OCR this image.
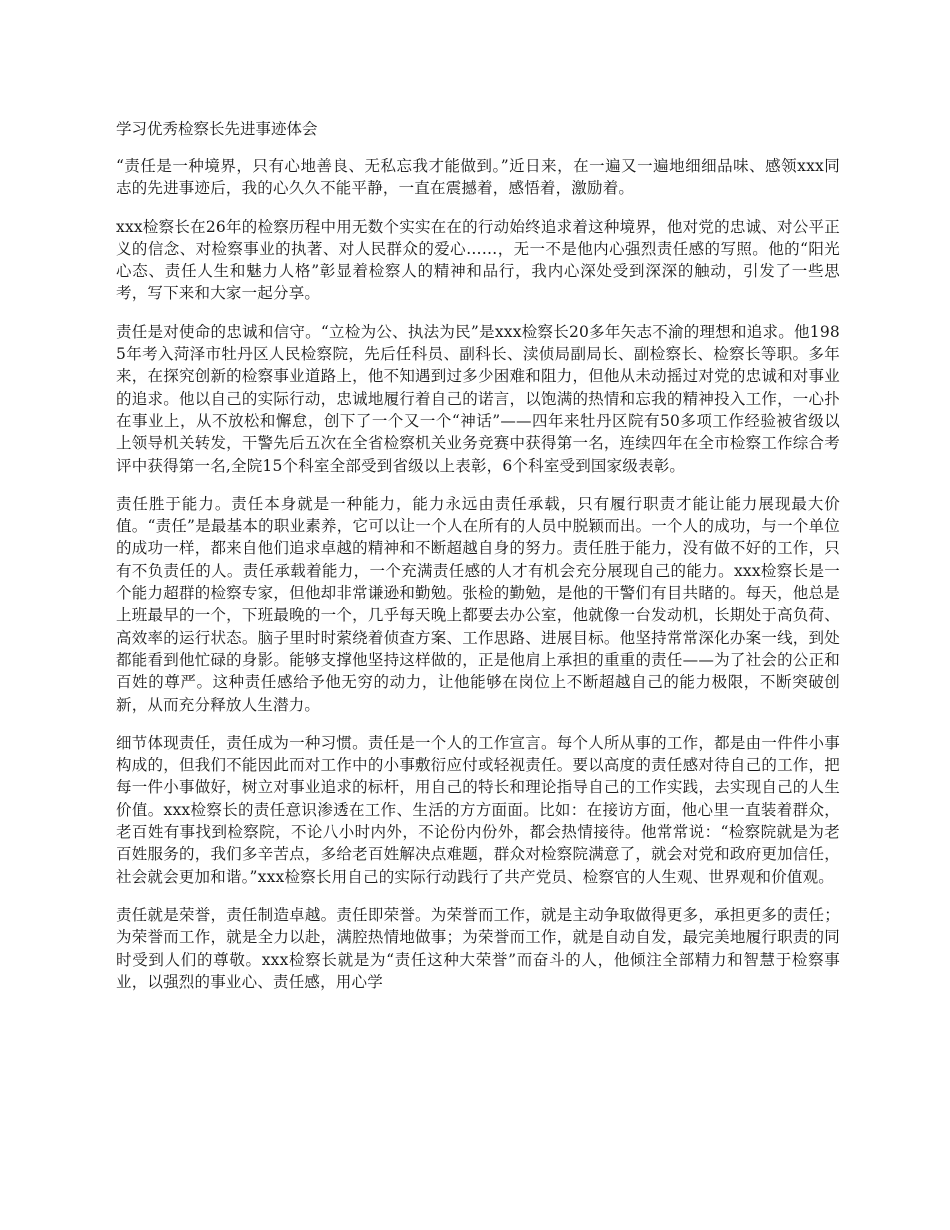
学习优秀检察长先进事迹体会

“责任是一种境界，只有心地善良、无私忘我才能做到。”近日来，在一遍又一遍地细细品味、感领xxx同志的先进事迹后，我的心久久不能平静，一直在震撼着，感悟着，激励着。

xxx检察长在26年的检察历程中用无数个实实在在的行动始终追求着这种境界，他对党的忠诚、对公平正义的信念、对检察事业的执著、对人民群众的爱心……，无一不是他内心强烈责任感的写照。他的“阳光心态、责任人生和魅力人格”彰显着检察人的精神和品行，我内心深处受到深深的触动，引发了一些思考，写下来和大家一起分享。

责任是对使命的忠诚和信守。“立检为公、执法为民”是xxx检察长20多年矢志不渝的理想和追求。他1985年考入菏泽市牡丹区人民检察院，先后任科员、副科长、渎侦局副局长、副检察长、检察长等职。多年来，在探究创新的检察事业道路上，他不知遇到过多少困难和阻力，但他从未动摇过对党的忠诚和对事业的追求。他以自己的实际行动，忠诚地履行着自己的诺言，以饱满的热情和忘我的精神投入工作，一心扑在事业上，从不放松和懈怠，创下了一个又一个“神话”——四年来牡丹区院有50多项工作经验被省级以上领导机关转发，干警先后五次在全省检察机关业务竞赛中获得第一名，连续四年在全市检察工作综合考评中获得第一名,全院15个科室全部受到省级以上表彰，6个科室受到国家级表彰。

责任胜于能力。责任本身就是一种能力，能力永远由责任承载，只有履行职责才能让能力展现最大价值。“责任”是最基本的职业素养，它可以让一个人在所有的人员中脱颖而出。一个人的成功，与一个单位的成功一样，都来自他们追求卓越的精神和不断超越自身的努力。责任胜于能力，没有做不好的工作，只有不负责任的人。责任承载着能力，一个充满责任感的人才有机会充分展现自己的能力。xxx检察长是一个能力超群的检察专家，但他却非常谦逊和勤勉。张检的勤勉，是他的干警们有目共睹的。每天，他总是上班最早的一个，下班最晚的一个，几乎每天晚上都要去办公室，他就像一台发动机，长期处于高负荷、高效率的运行状态。脑子里时时萦绕着侦查方案、工作思路、进展目标。他坚持常常深化办案一线，到处都能看到他忙碌的身影。能够支撑他坚持这样做的，正是他肩上承担的重重的责任——为了社会的公正和百姓的尊严。这种责任感给予他无穷的动力，让他能够在岗位上不断超越自己的能力极限，不断突破创新，从而充分释放人生潜力。

细节体现责任，责任成为一种习惯。责任是一个人的工作宣言。每个人所从事的工作，都是由一件件小事构成的，但我们不能因此而对工作中的小事敷衍应付或轻视责任。要以高度的责任感对待自己的工作，把每一件小事做好，树立对事业追求的标杆，用自己的特长和理论指导自己的工作实践，去实现自己的人生价值。xxx检察长的责任意识渗透在工作、生活的方方面面。比如：在接访方面，他心里一直装着群众，老百姓有事找到检察院，不论八小时内外，不论份内份外，都会热情接待。他常常说：“检察院就是为老百姓服务的，我们多辛苦点，多给老百姓解决点难题，群众对检察院满意了，就会对党和政府更加信任，社会就会更加和谐。”xxx检察长用自己的实际行动践行了共产党员、检察官的人生观、世界观和价值观。

责任就是荣誉，责任制造卓越。责任即荣誉。为荣誉而工作，就是主动争取做得更多，承担更多的责任；为荣誉而工作，就是全力以赴，满腔热情地做事；为荣誉而工作，就是自动自发，最完美地履行职责的同时受到人们的尊敬。xxx检察长就是为“责任这种大荣誉”而奋斗的人，他倾注全部精力和智慧于检察事业，以强烈的事业心、责任感，用心学
